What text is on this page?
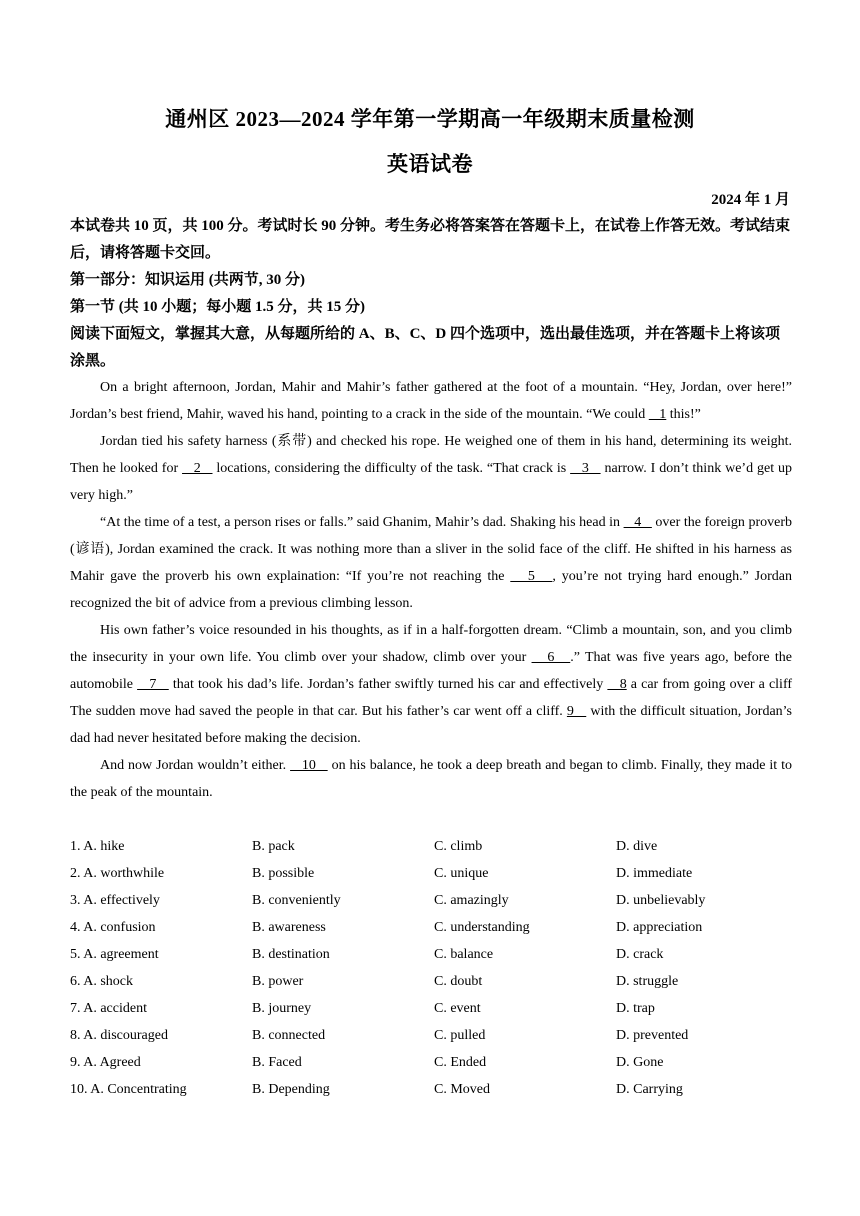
通州区 2023—2024 学年第一学期高一年级期末质量检测
英语试卷
2024 年 1 月
本试卷共 10 页，共 100 分。考试时长 90 分钟。考生务必将答案答在答题卡上，在试卷上作答无效。考试结束后，请将答题卡交回。
第一部分：知识运用 (共两节, 30 分)
第一节 (共 10 小题；每小题 1.5 分，共 15 分)
阅读下面短文，掌握其大意，从每题所给的 A、B、C、D 四个选项中，选出最佳选项，并在答题卡上将该项涂黑。

On a bright afternoon, Jordan, Mahir and Mahir’s father gathered at the foot of a mountain. “Hey, Jordan, over here!” Jordan’s best friend, Mahir, waved his hand, pointing to a crack in the side of the mountain. “We could    1 this!”

Jordan tied his safety harness (系带) and checked his rope. He weighed one of them in his hand, determining its weight. Then he looked for    2    locations, considering the difficulty of the task. “That crack is    3    narrow. I don’t think we’d get up very high.”

“At the time of a test, a person rises or falls.” said Ghanim, Mahir’s dad. Shaking his head in    4    over the foreign proverb (谚语), Jordan examined the crack. It was nothing more than a sliver in the solid face of the cliff. He shifted in his harness as Mahir gave the proverb his own explaination: “If you’re not reaching the    5   , you’re not trying hard enough.” Jordan recognized the bit of advice from a previous climbing lesson.

His own father’s voice resounded in his thoughts, as if in a half-forgotten dream. “Climb a mountain, son, and you climb the insecurity in your own life. You climb over your shadow, climb over your    6   .” That was five years ago, before the automobile    7    that took his dad’s life. Jordan’s father swiftly turned his car and effectively    8 a car from going over a cliff The sudden move had saved the people in that car. But his father’s car went off a cliff. 9    with the difficult situation, Jordan’s dad had never hesitated before making the decision.

And now Jordan wouldn’t either.    10    on his balance, he took a deep breath and began to climb. Finally, they made it to the peak of the mountain.

1. A. hike	B. pack	C. climb	D. dive
2. A. worthwhile	B. possible	C. unique	D. immediate
3. A. effectively	B. conveniently	C. amazingly	D. unbelievably
4. A. confusion	B. awareness	C. understanding	D. appreciation
5. A. agreement	B. destination	C. balance	D. crack
6. A. shock	B. power	C. doubt	D. struggle
7. A. accident	B. journey	C. event	D. trap
8. A. discouraged	B. connected	C. pulled	D. prevented
9. A. Agreed	B. Faced	C. Ended	D. Gone
10. A. Concentrating	B. Depending	C. Moved	D. Carrying
